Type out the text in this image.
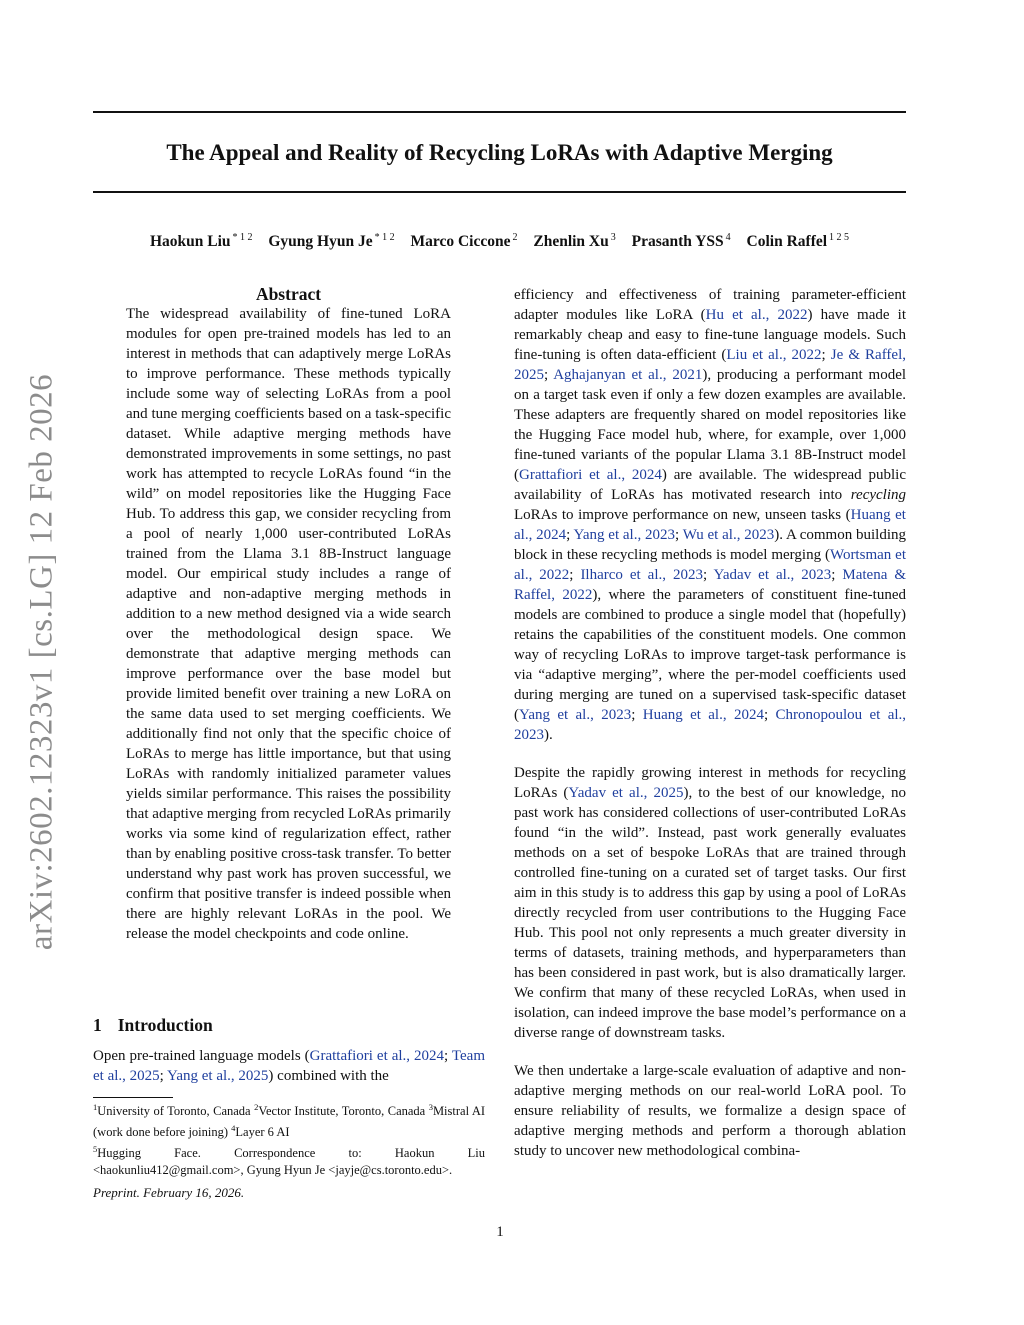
The Appeal and Reality of Recycling LoRAs with Adaptive Merging
Haokun Liu $^{* 1 2}$ Gyung Hyun Je $^{* 1 2}$ Marco Ciccone $^2$ Zhenlin Xu $^3$ Prasanth YSS $^4$ Colin Raffel $^{1 2 5}$
arXiv:2602.12323v1 [cs.LG] 12 Feb 2026
Abstract

The widespread availability of fine-tuned LoRA modules for open pre-trained models has led to an interest in methods that can adaptively merge LoRAs to improve performance. These methods typically include some way of selecting LoRAs from a pool and tune merging coefficients based on a task-specific dataset. While adaptive merging methods have demonstrated improvements in some settings, no past work has attempted to recycle LoRAs found “in the wild” on model repositories like the Hugging Face Hub. To address this gap, we consider recycling from a pool of nearly 1,000 user-contributed LoRAs trained from the Llama 3.1 8B-Instruct language model. Our empirical study includes a range of adaptive and non-adaptive merging methods in addition to a new method designed via a wide search over the methodological design space. We demonstrate that adaptive merging methods can improve performance over the base model but provide limited benefit over training a new LoRA on the same data used to set merging coefficients. We additionally find not only that the specific choice of LoRAs to merge has little importance, but that using LoRAs with randomly initialized parameter values yields similar performance. This raises the possibility that adaptive merging from recycled LoRAs primarily works via some kind of regularization effect, rather than by enabling positive cross-task transfer. To better understand why past work has proven successful, we confirm that positive transfer is indeed possible when there are highly relevant LoRAs in the pool. We release the model checkpoints and code online.

1 Introduction

Open pre-trained language models (Grattafiori et al., 2024; Team et al., 2025; Yang et al., 2025) combined with the

$^1$University of Toronto, Canada $^2$Vector Institute, Toronto, Canada $^3$Mistral AI (work done before joining) $^4$Layer 6 AI
$^5$Hugging Face. Correspondence to: Haokun Liu <haokunliu412@gmail.com>, Gyung Hyun Je <jayje@cs.toronto.edu>.

Preprint. February 16, 2026.

efficiency and effectiveness of training parameter-efficient adapter modules like LoRA (Hu et al., 2022) have made it remarkably cheap and easy to fine-tune language models. Such fine-tuning is often data-efficient (Liu et al., 2022; Je & Raffel, 2025; Aghajanyan et al., 2021), producing a performant model on a target task even if only a few dozen examples are available. These adapters are frequently shared on model repositories like the Hugging Face model hub, where, for example, over 1,000 fine-tuned variants of the popular Llama 3.1 8B-Instruct model (Grattafiori et al., 2024) are available. The widespread public availability of LoRAs has motivated research into recycling LoRAs to improve performance on new, unseen tasks (Huang et al., 2024; Yang et al., 2023; Wu et al., 2023). A common building block in these recycling methods is model merging (Wortsman et al., 2022; Ilharco et al., 2023; Yadav et al., 2023; Matena & Raffel, 2022), where the parameters of constituent fine-tuned models are combined to produce a single model that (hopefully) retains the capabilities of the constituent models. One common way of recycling LoRAs to improve target-task performance is via “adaptive merging”, where the per-model coefficients used during merging are tuned on a supervised task-specific dataset (Yang et al., 2023; Huang et al., 2024; Chronopoulou et al., 2023).

Despite the rapidly growing interest in methods for recycling LoRAs (Yadav et al., 2025), to the best of our knowledge, no past work has considered collections of user-contributed LoRAs found “in the wild”. Instead, past work generally evaluates methods on a set of bespoke LoRAs that are trained through controlled fine-tuning on a curated set of target tasks. Our first aim in this study is to address this gap by using a pool of LoRAs directly recycled from user contributions to the Hugging Face Hub. This pool not only represents a much greater diversity in terms of datasets, training methods, and hyperparameters than has been considered in past work, but is also dramatically larger. We confirm that many of these recycled LoRAs, when used in isolation, can indeed improve the base model’s performance on a diverse range of downstream tasks.

We then undertake a large-scale evaluation of adaptive and non-adaptive merging methods on our real-world LoRA pool. To ensure reliability of results, we formalize a design space of adaptive merging methods and perform a thorough ablation study to uncover new methodological combina-

1
